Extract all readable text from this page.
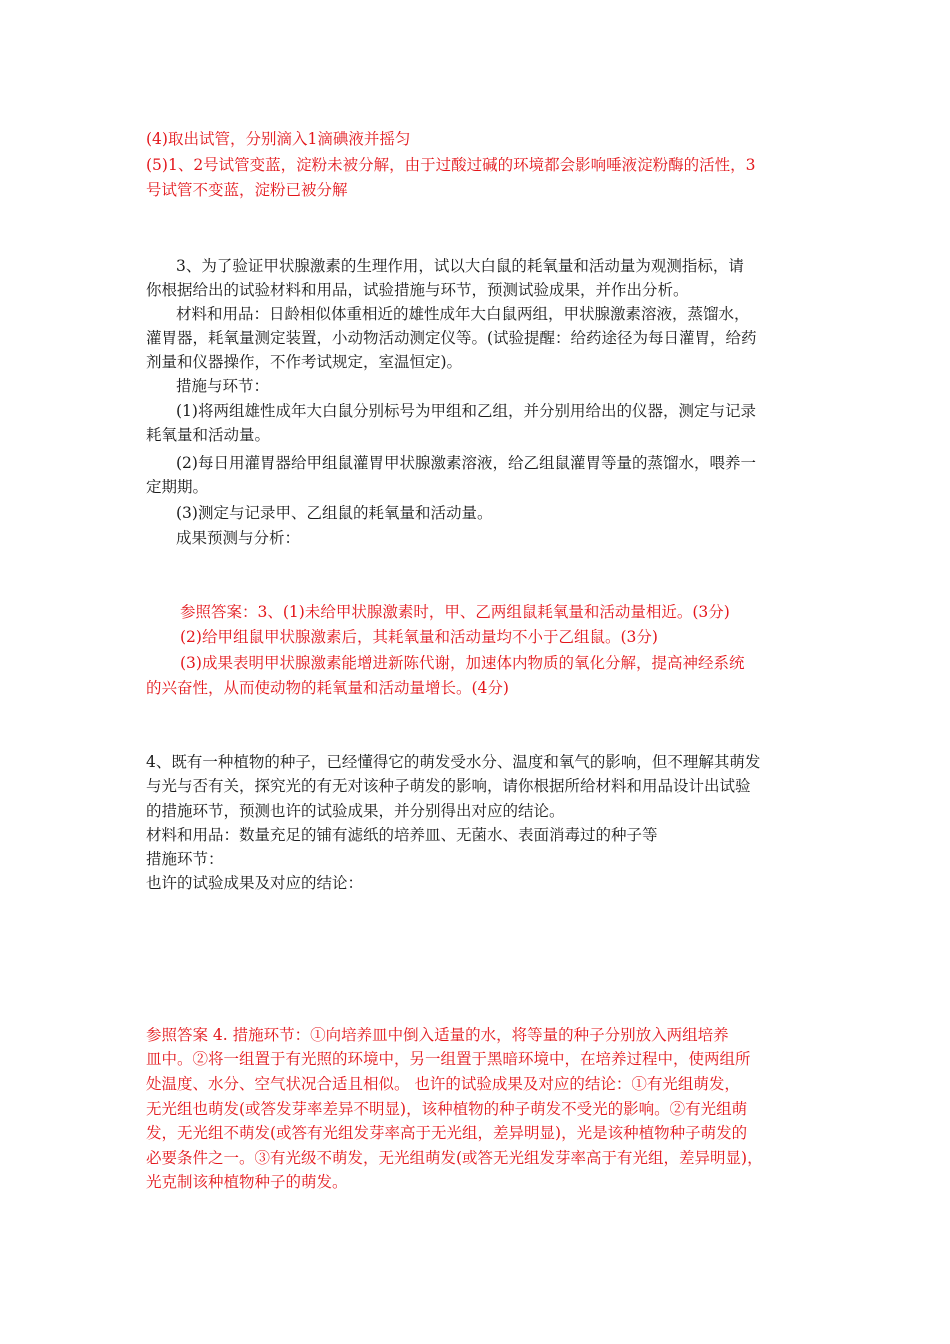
(4)取出试管，分别滴入1滴碘液并摇匀
(5)1、2号试管变蓝，淀粉未被分解，由于过酸过碱的环境都会影响唾液淀粉酶的活性，3
号试管不变蓝，淀粉已被分解
3、为了验证甲状腺激素的生理作用，试以大白鼠的耗氧量和活动量为观测指标，请
你根据给出的试验材料和用品，试验措施与环节，预测试验成果，并作出分析。
材料和用品：日龄相似体重相近的雄性成年大白鼠两组，甲状腺激素溶液，蒸馏水，
灌胃器，耗氧量测定装置，小动物活动测定仪等。(试验提醒：给药途径为每日灌胃，给药
剂量和仪器操作，不作考试规定，室温恒定)。
措施与环节：
(1)将两组雄性成年大白鼠分别标号为甲组和乙组，并分别用给出的仪器，测定与记录
耗氧量和活动量。
(2)每日用灌胃器给甲组鼠灌胃甲状腺激素溶液，给乙组鼠灌胃等量的蒸馏水，喂养一
定期期。
(3)测定与记录甲、乙组鼠的耗氧量和活动量。
成果预测与分析：
参照答案：3、(1)未给甲状腺激素时，甲、乙两组鼠耗氧量和活动量相近。(3分)
(2)给甲组鼠甲状腺激素后，其耗氧量和活动量均不小于乙组鼠。(3分)
(3)成果表明甲状腺激素能增进新陈代谢，加速体内物质的氧化分解，提高神经系统
的兴奋性，从而使动物的耗氧量和活动量增长。(4分)
4、既有一种植物的种子，已经懂得它的萌发受水分、温度和氧气的影响，但不理解其萌发
与光与否有关，探究光的有无对该种子萌发的影响，请你根据所给材料和用品设计出试验
的措施环节，预测也许的试验成果，并分别得出对应的结论。
材料和用品：数量充足的铺有滤纸的培养皿、无菌水、表面消毒过的种子等
措施环节：
也许的试验成果及对应的结论：
参照答案 4. 措施环节：①向培养皿中倒入适量的水，将等量的种子分别放入两组培养
皿中。②将一组置于有光照的环境中，另一组置于黑暗环境中，在培养过程中，使两组所
处温度、水分、空气状况合适且相似。 也许的试验成果及对应的结论：①有光组萌发，
无光组也萌发(或答发芽率差异不明显)，该种植物的种子萌发不受光的影响。②有光组萌
发，无光组不萌发(或答有光组发芽率高于无光组，差异明显)，光是该种植物种子萌发的
必要条件之一。③有光级不萌发，无光组萌发(或答无光组发芽率高于有光组，差异明显)，
光克制该种植物种子的萌发。
